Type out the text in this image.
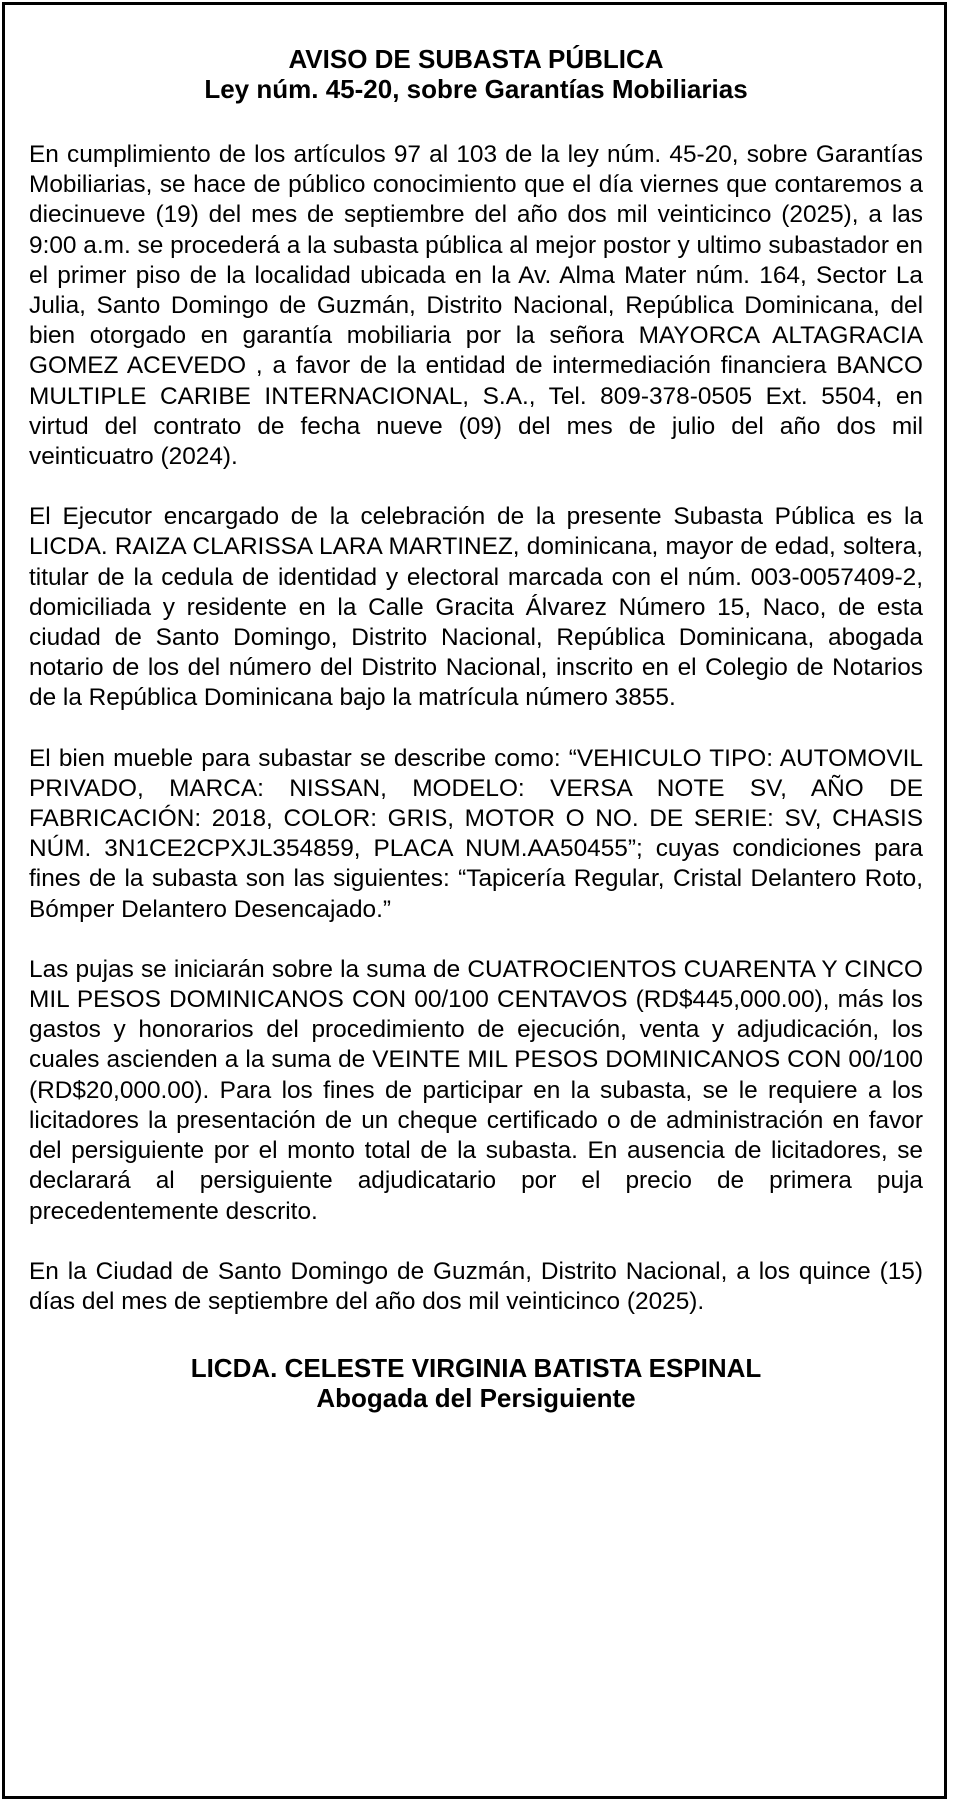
AVISO DE SUBASTA PÚBLICA

Ley núm. 45-20, sobre Garantías Mobiliarias

En cumplimiento de los artículos 97 al 103 de la ley núm. 45-20, sobre Garantías Mobiliarias, se hace de público conocimiento que el día viernes que contaremos a diecinueve (19) del mes de septiembre del año dos mil veinticinco (2025), a las 9:00 a.m. se procederá a la subasta pública al mejor postor y ultimo subastador en el primer piso de la localidad ubicada en la Av. Alma Mater núm. 164, Sector La Julia, Santo Domingo de Guzmán, Distrito Nacional, República Dominicana, del bien otorgado en garantía mobiliaria por la señora MAYORCA ALTAGRACIA GOMEZ ACEVEDO , a favor de la entidad de intermediación financiera BANCO MULTIPLE CARIBE INTERNACIONAL, S.A., Tel. 809-378-0505 Ext. 5504, en virtud del contrato de fecha nueve (09) del mes de julio del año dos mil veinticuatro (2024).

El Ejecutor encargado de la celebración de la presente Subasta Pública es la LICDA. RAIZA CLARISSA LARA MARTINEZ, dominicana, mayor de edad, soltera, titular de la cedula de identidad y electoral marcada con el núm. 003-0057409-2, domiciliada y residente en la Calle Gracita Álvarez Número 15, Naco, de esta ciudad de Santo Domingo, Distrito Nacional, República Dominicana, abogada notario de los del número del Distrito Nacional, inscrito en el Colegio de Notarios de la República Dominicana bajo la matrícula número 3855.

El bien mueble para subastar se describe como: “VEHICULO TIPO: AUTOMOVIL PRIVADO, MARCA: NISSAN, MODELO: VERSA NOTE SV, AÑO DE FABRICACIÓN: 2018, COLOR: GRIS, MOTOR O NO. DE SERIE: SV, CHASIS NÚM. 3N1CE2CPXJL354859, PLACA NUM.AA50455”; cuyas condiciones para fines de la subasta son las siguientes: “Tapicería Regular, Cristal Delantero Roto, Bómper Delantero Desencajado.”

Las pujas se iniciarán sobre la suma de CUATROCIENTOS CUARENTA Y CINCO MIL PESOS DOMINICANOS CON 00/100 CENTAVOS (RD$445,000.00), más los gastos y honorarios del procedimiento de ejecución, venta y adjudicación, los cuales ascienden a la suma de VEINTE MIL PESOS DOMINICANOS CON 00/100 (RD$20,000.00). Para los fines de participar en la subasta, se le requiere a los licitadores la presentación de un cheque certificado o de administración en favor del persiguiente por el monto total de la subasta. En ausencia de licitadores, se declarará al persiguiente adjudicatario por el precio de primera puja precedentemente descrito.

En la Ciudad de Santo Domingo de Guzmán, Distrito Nacional, a los quince (15) días del mes de septiembre del año dos mil veinticinco (2025).

LICDA. CELESTE VIRGINIA BATISTA ESPINAL

Abogada del Persiguiente
